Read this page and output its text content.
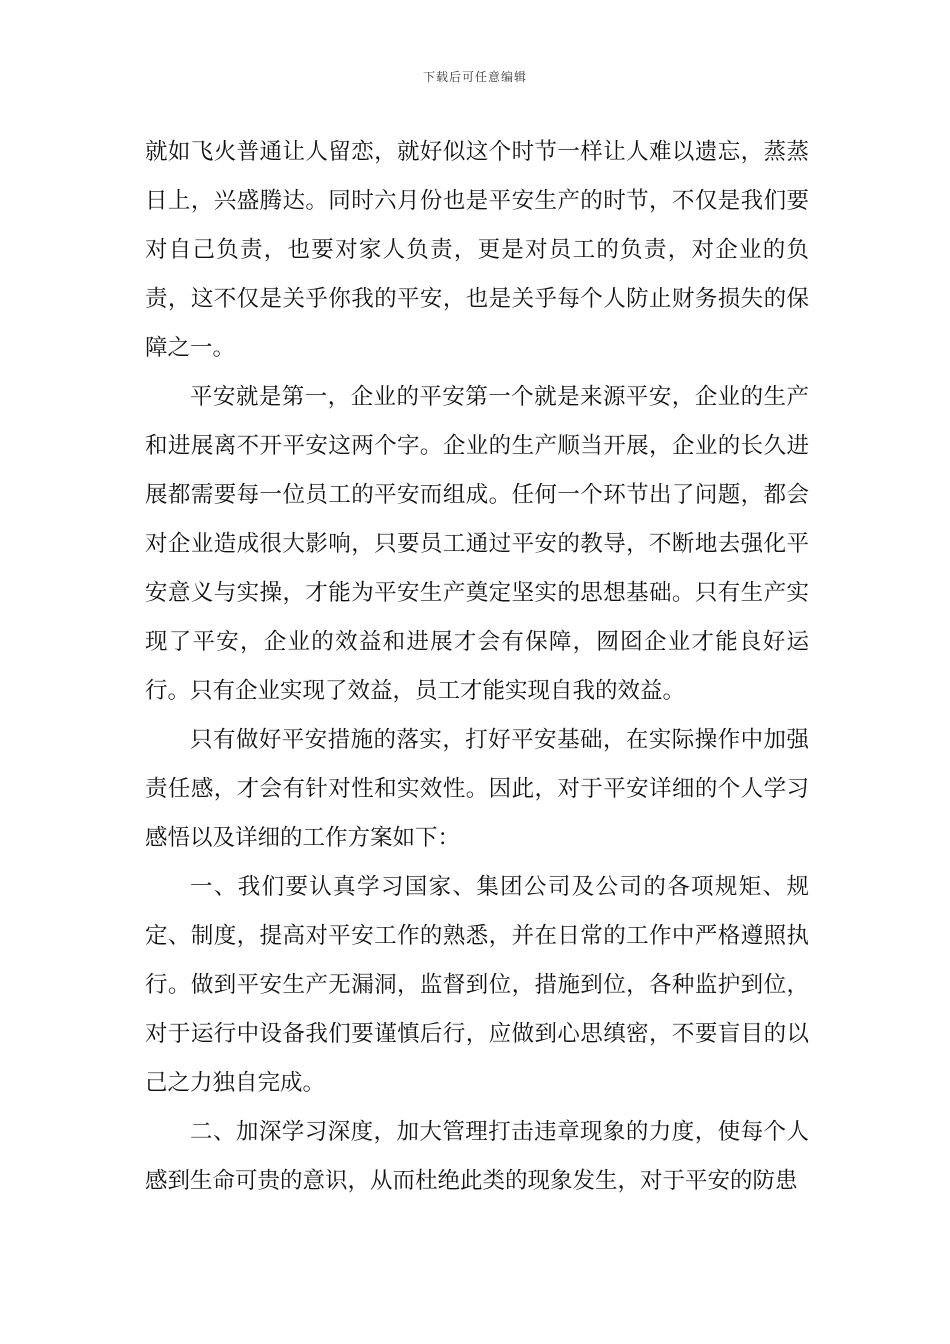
下载后可任意编辑

就如飞火普通让人留恋，就好似这个时节一样让人难以遗忘，蒸蒸日上，兴盛腾达。同时六月份也是平安生产的时节，不仅是我们要对自己负责，也要对家人负责，更是对员工的负责，对企业的负责，这不仅是关乎你我的平安，也是关乎每个人防止财务损失的保障之一。

平安就是第一，企业的平安第一个就是来源平安，企业的生产和进展离不开平安这两个字。企业的生产顺当开展，企业的长久进展都需要每一位员工的平安而组成。任何一个环节出了问题，都会对企业造成很大影响，只要员工通过平安的教导，不断地去强化平安意义与实操，才能为平安生产奠定坚实的思想基础。只有生产实现了平安，企业的效益和进展才会有保障，囫囵企业才能良好运行。只有企业实现了效益，员工才能实现自我的效益。

只有做好平安措施的落实，打好平安基础，在实际操作中加强责任感，才会有针对性和实效性。因此，对于平安详细的个人学习感悟以及详细的工作方案如下：

一、我们要认真学习国家、集团公司及公司的各项规矩、规定、制度，提高对平安工作的熟悉，并在日常的工作中严格遵照执行。做到平安生产无漏洞，监督到位，措施到位，各种监护到位，对于运行中设备我们要谨慎后行，应做到心思缜密，不要盲目的以己之力独自完成。

二、加深学习深度，加大管理打击违章现象的力度，使每个人感到生命可贵的意识，从而杜绝此类的现象发生，对于平安的防患
